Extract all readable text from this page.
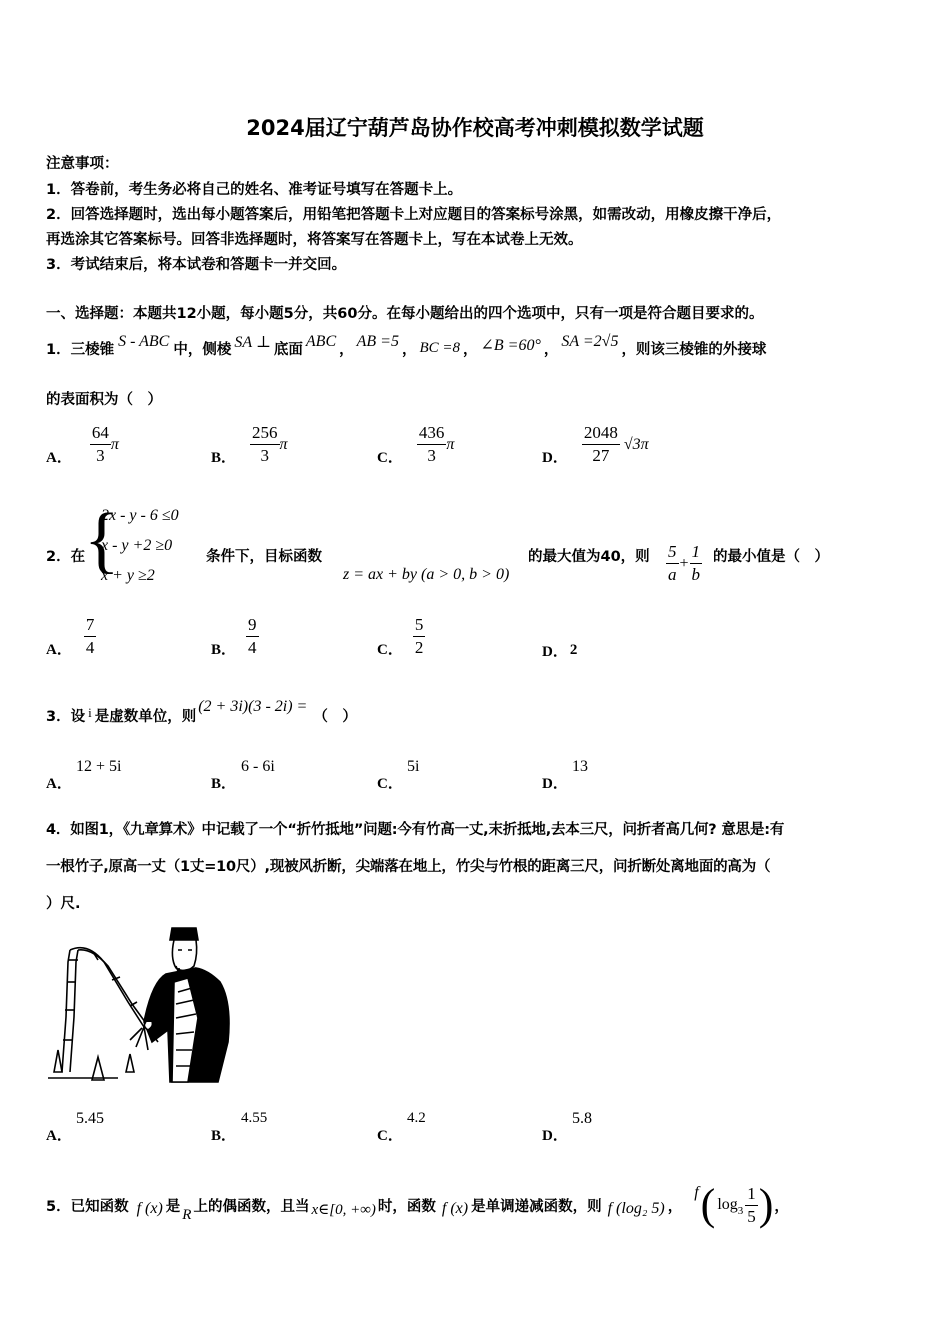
2024届辽宁葫芦岛协作校高考冲刺模拟数学试题
注意事项：
1．答卷前，考生务必将自己的姓名、准考证号填写在答题卡上。
2．回答选择题时，选出每小题答案后，用铅笔把答题卡上对应题目的答案标号涂黑，如需改动，用橡皮擦干净后，
再选涂其它答案标号。回答非选择题时，将答案写在答题卡上，写在本试卷上无效。
3．考试结束后，将本试卷和答题卡一并交回。
一、选择题：本题共12小题，每小题5分，共60分。在每小题给出的四个选项中，只有一项是符合题目要求的。
1．三棱锥 S - ABC 中，侧棱 SA ⊥ 底面 ABC ， AB =5 ， BC =8 ， ∠B =60° ， SA =2√5 ，则该三棱锥的外接球
的表面积为（　）
A． $\frac{64}{3}$ π
B． $\frac{256}{3}$ π
C． $\frac{436}{3}$ π
D． $\frac{2048}{27} √3\pi$
2．在
{
2x - y - 6 ≤0
x - y +2 ≥0
x + y ≥2
条件下，目标函数
z = ax + by (a > 0, b > 0)
的最大值为40，则 $\frac{5}{a} + \frac{1}{b}$ 的最小值是（　）
A． $\frac{7}{4}$	B． $\frac{9}{4}$	C． $\frac{5}{2}$	D． 2
3．设 i 是虚数单位，则
(2 + 3i)(3 - 2i) =
（　）
A．
12 + 5i
B．
6 - 6i
C．
5i
D．
13
4．如图1，《九章算术》中记载了一个“折竹抵地”问题:今有竹高一丈,末折抵地,去本三尺，问折者高几何? 意思是:有
一根竹子,原高一丈（1丈=10尺）,现被风折断，尖端落在地上，竹尖与竹根的距离三尺，问折断处离地面的高为（
）尺.
A．
5.45
B．
4.55
C．
4.2
D．
5.8
5．已知函数 f (x) 是 R 上的偶函数，且当 x∈[0, +∞) 时，函数 f (x) 是单调递减函数，则 f (log₂ 5) ，
f ( $\log 3 \frac{1}{5}$ ) ，
